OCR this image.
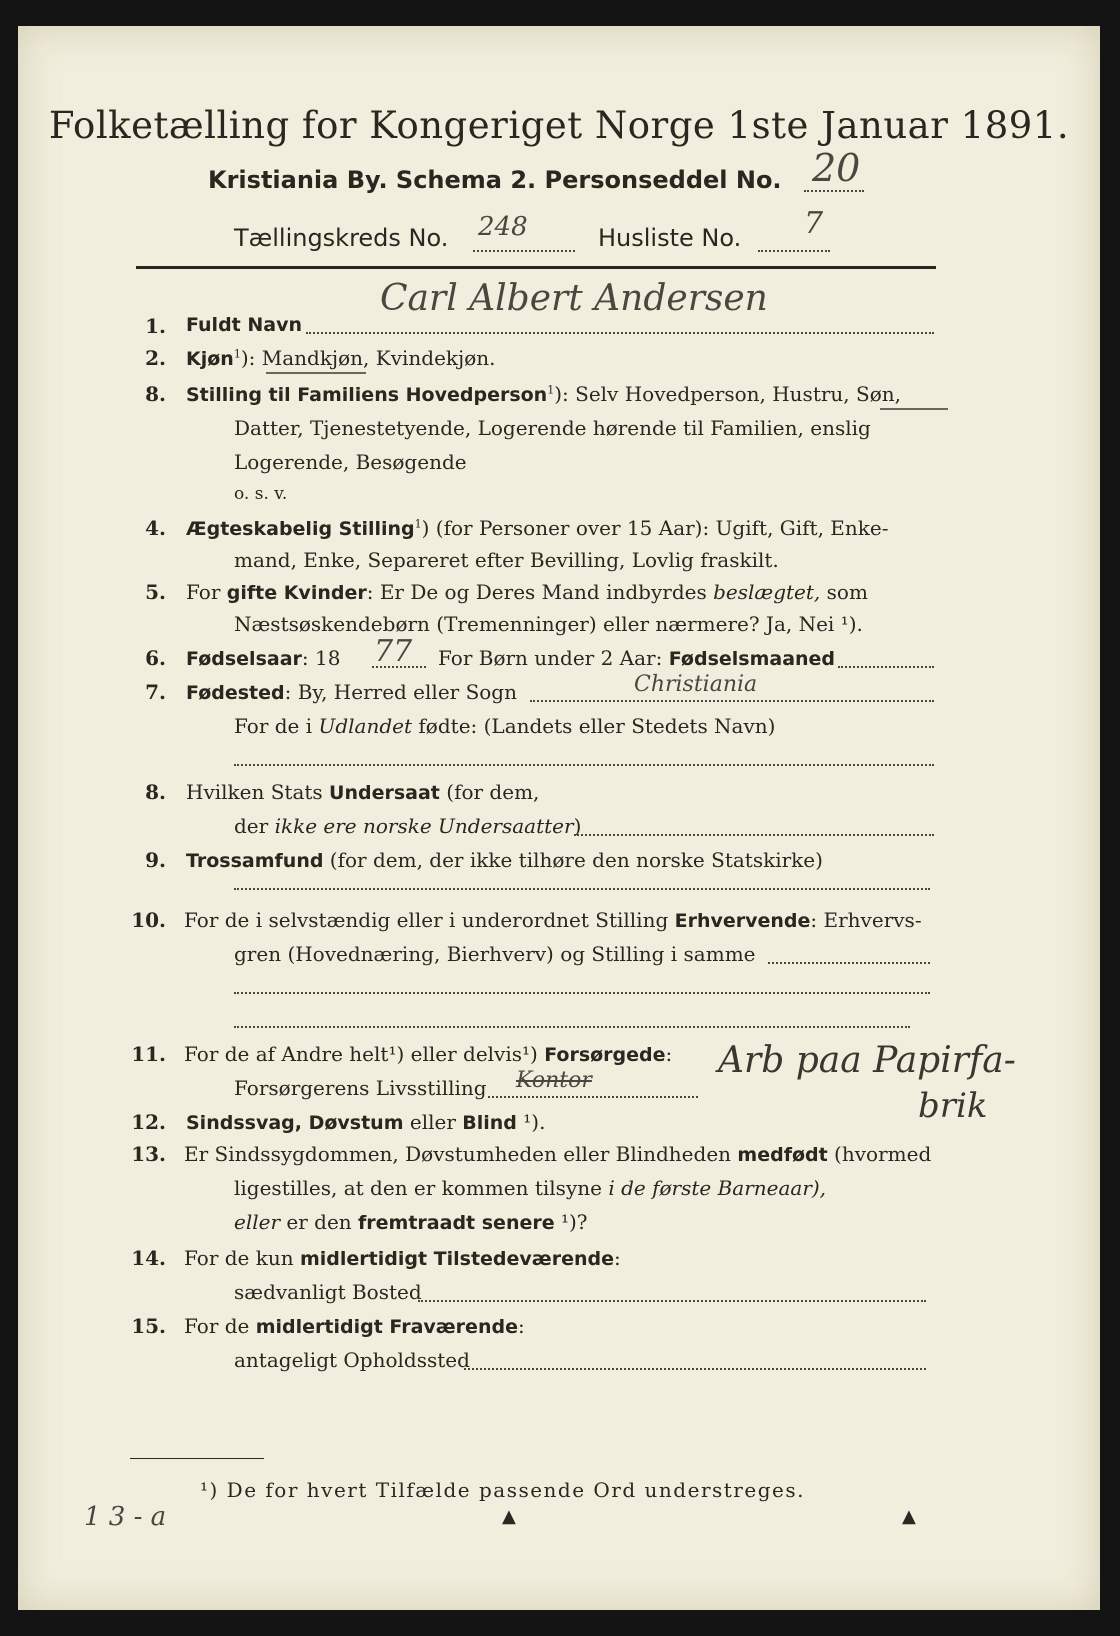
Folketælling for Kongeriget Norge 1ste Januar 1891.
Kristiania By. Schema 2. Personseddel No. 20
Tællingskreds No. 248	Husliste No. 7
Carl Albert Andersen
1. Fuldt Navn
2. Kjøn$^1$): Mandkjøn, Kvindekjøn.
8. Stilling til Familiens Hovedperson$^1$): Selv Hovedperson, Hustru, Søn,
Datter, Tjenestetyende, Logerende hørende til Familien, enslig
Logerende, Besøgende
o. s. v.
4. Ægteskabelig Stilling$^1$) (for Personer over 15 Aar): Ugift, Gift, Enke-
mand, Enke, Separeret efter Bevilling, Lovlig fraskilt.
5. For gifte Kvinder: Er De og Deres Mand indbyrdes beslægtet, som
Næstsøskendebørn (Tremenninger) eller nærmere? Ja, Nei ¹).
6. Fødselsaar: 18 77 For Børn under 2 Aar: Fødselsmaaned
7. Fødested: By, Herred eller Sogn	Christiania
For de i Udlandet fødte: (Landets eller Stedets Navn)
8. Hvilken Stats Undersaat (for dem,
der ikke ere norske Undersaatter)
9. Trossamfund (for dem, der ikke tilhøre den norske Statskirke)
10. For de i selvstændig eller i underordnet Stilling Erhvervende: Erhvervs-
gren (Hovednæring, Bierhverv) og Stilling i samme
11. For de af Andre helt¹) eller delvis¹) Forsørgede:
Forsørgerens Livsstilling Kontor	Arb paa Papirfa-
brik
12. Sindssvag, Døvstum eller Blind ¹).
13. Er Sindssygdommen, Døvstumheden eller Blindheden medfødt (hvormed
ligestilles, at den er kommen tilsyne i de første Barneaar),
eller er den fremtraadt senere ¹)?
14. For de kun midlertidigt Tilstedeværende:
sædvanligt Bosted
15. For de midlertidigt Fraværende:
antageligt Opholdssted
¹) De for hvert Tilfælde passende Ord understreges.
1 3 - a	▲	▲
